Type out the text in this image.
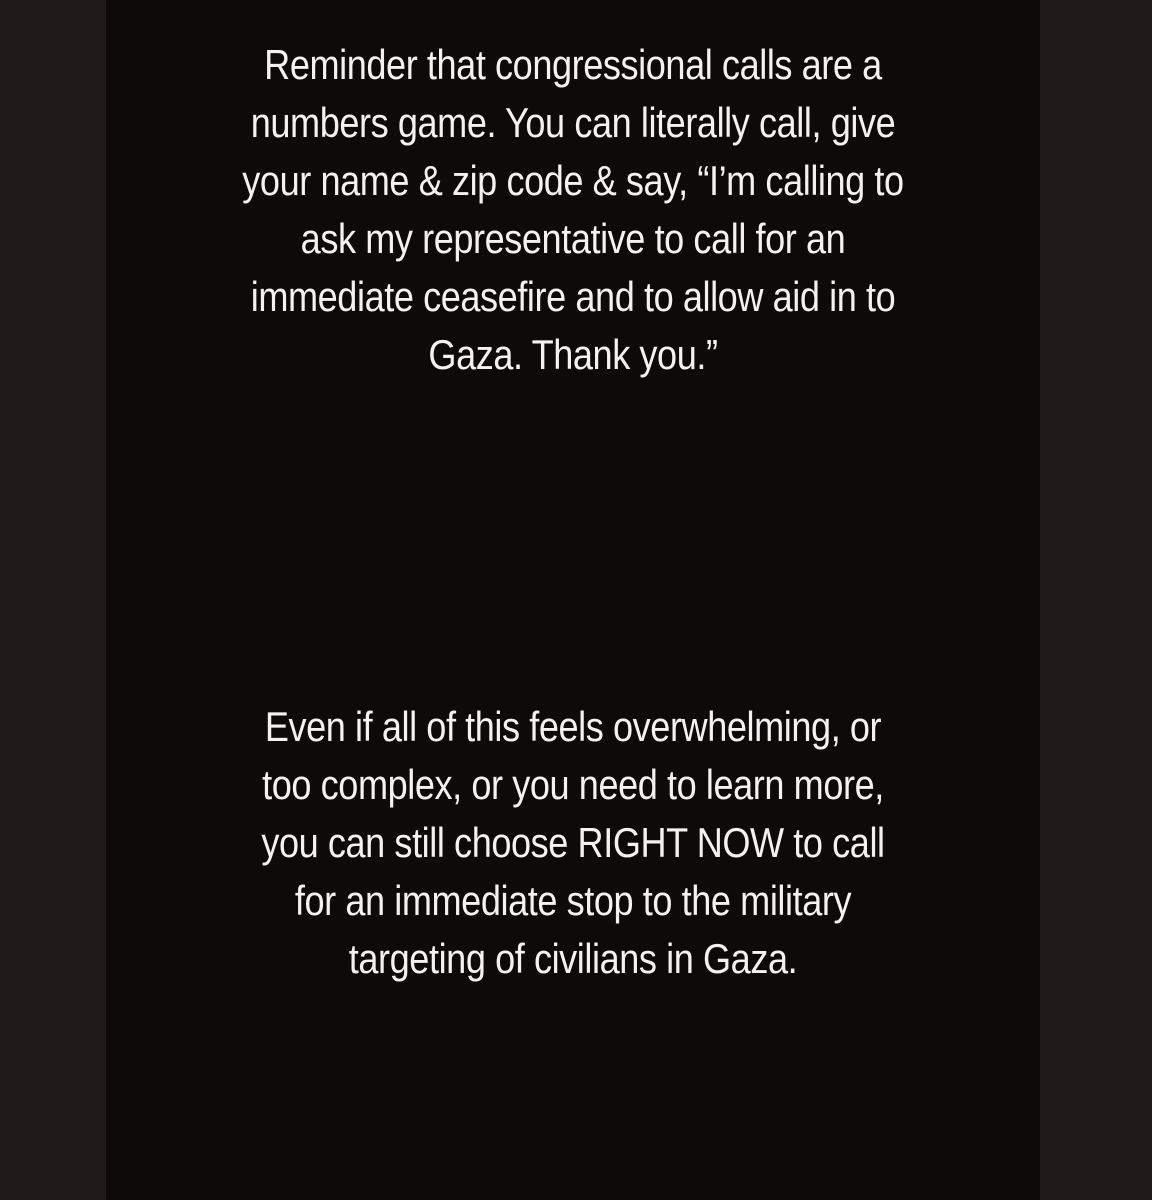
Reminder that congressional calls are a
numbers game. You can literally call, give
your name & zip code & say, “I’m calling to
ask my representative to call for an
immediate ceasefire and to allow aid in to
Gaza. Thank you.”
Even if all of this feels overwhelming, or
too complex, or you need to learn more,
you can still choose RIGHT NOW to call
for an immediate stop to the military
targeting of civilians in Gaza.
